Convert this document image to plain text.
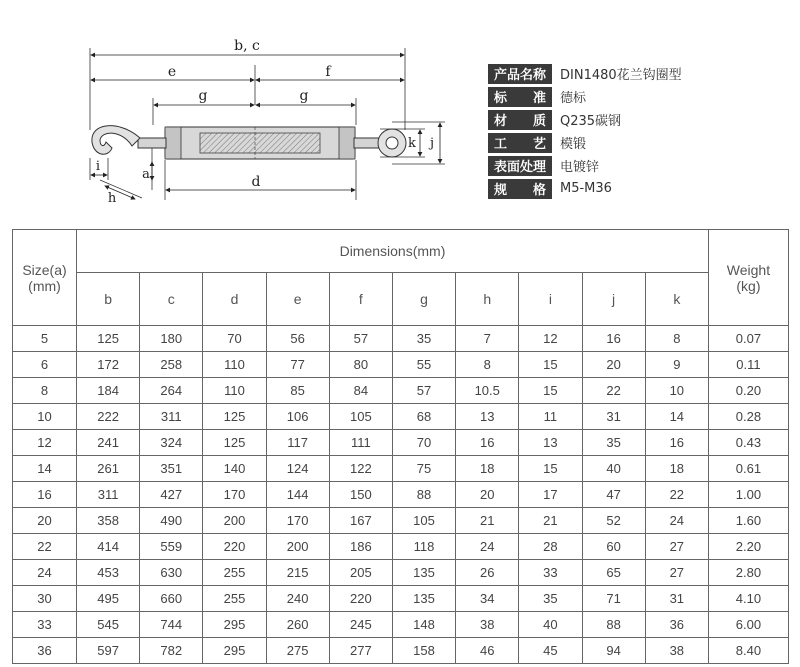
b, c
e	f
g	g
d
k j
i
h
a
产品名称	DIN1480花兰钩圈型
标 准 德标
材 质 Q235碳钢
工 艺 模锻
表面处理	电镀锌
规 格 M5-M36
Size(a)
(mm)	Dimensions(mm)										Weight
(kg)
	b	c	d	e	f	g	h	i	j	k	
5	125	180	70	56	57	35	7	12	16	8	0.07
6	172	258	110	77	80	55	8	15	20	9	0.11
8	184	264	110	85	84	57	10.5	15	22	10	0.20
10	222	311	125	106	105	68	13	11	31	14	0.28
12	241	324	125	117	111	70	16	13	35	16	0.43
14	261	351	140	124	122	75	18	15	40	18	0.61
16	311	427	170	144	150	88	20	17	47	22	1.00
20	358	490	200	170	167	105	21	21	52	24	1.60
22	414	559	220	200	186	118	24	28	60	27	2.20
24	453	630	255	215	205	135	26	33	65	27	2.80
30	495	660	255	240	220	135	34	35	71	31	4.10
33	545	744	295	260	245	148	38	40	88	36	6.00
36	597	782	295	275	277	158	46	45	94	38	8.40
